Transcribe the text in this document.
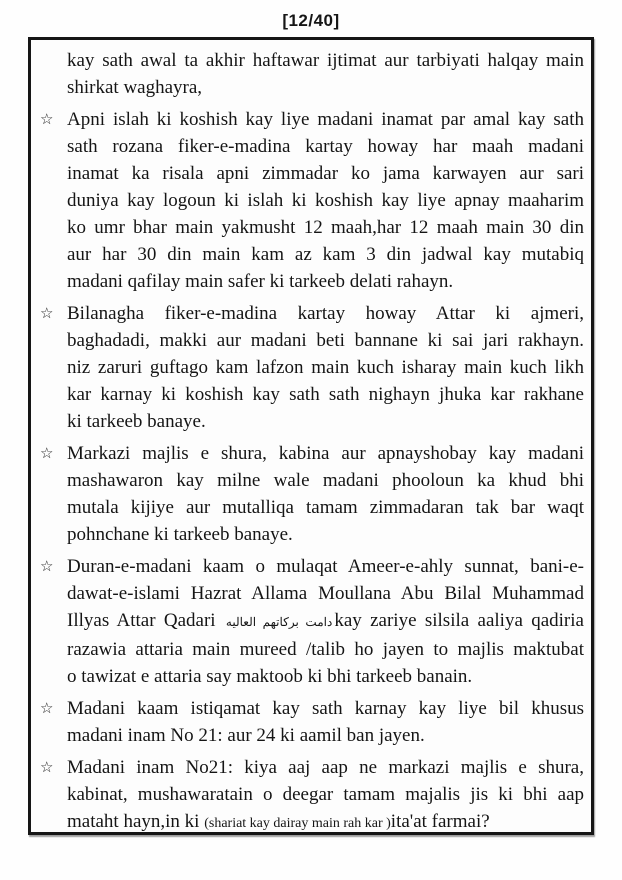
[12/40]
kay sath awal ta akhir haftawar ijtimat aur tarbiyati halqay main
shirkat waghayra,
☆ Apni islah ki koshish kay liye madani inamat par amal kay sath
sath rozana fiker-e-madina kartay howay har maah madani
inamat ka risala apni zimmadar ko jama karwayen aur sari
duniya kay logoun ki islah ki koshish kay liye apnay maaharim
ko umr bhar main yakmusht 12 maah,har 12 maah main 30 din
aur har 30 din main kam az kam 3 din jadwal kay mutabiq
madani qafilay main safer ki tarkeeb delati rahayn.
☆ Bilanagha fiker-e-madina kartay howay Attar ki ajmeri,
baghadadi, makki aur madani beti bannane ki sai jari rakhayn.
niz zaruri guftago kam lafzon main kuch isharay main kuch likh
kar karnay ki koshish kay sath sath nighayn jhuka kar rakhane
ki tarkeeb banaye.
☆ Markazi majlis e shura, kabina aur apnayshobay kay madani
mashawaron kay milne wale madani phooloun ka khud bhi
mutala kijiye aur mutalliqa tamam zimmadaran tak bar waqt
pohnchane ki tarkeeb banaye.
☆ Duran-e-madani kaam o mulaqat Ameer-e-ahly sunnat, bani-e-
dawat-e-islami Hazrat Allama Moullana Abu Bilal Muhammad
Illyas Attar Qadari دامت برکاتهم العالیه kay zariye silsila aaliya qadiria
razawia attaria main mureed /talib ho jayen to majlis maktubat
o tawizat e attaria say maktoob ki bhi tarkeeb banain.
☆ Madani kaam istiqamat kay sath karnay kay liye bil khusus
madani inam No 21: aur 24 ki aamil ban jayen.
☆ Madani inam No21: kiya aaj aap ne markazi majlis e shura,
kabinat, mushawaratain o deegar tamam majalis jis ki bhi aap
mataht hayn,in ki (shariat kay dairay main rah kar )ita'at farmai?
